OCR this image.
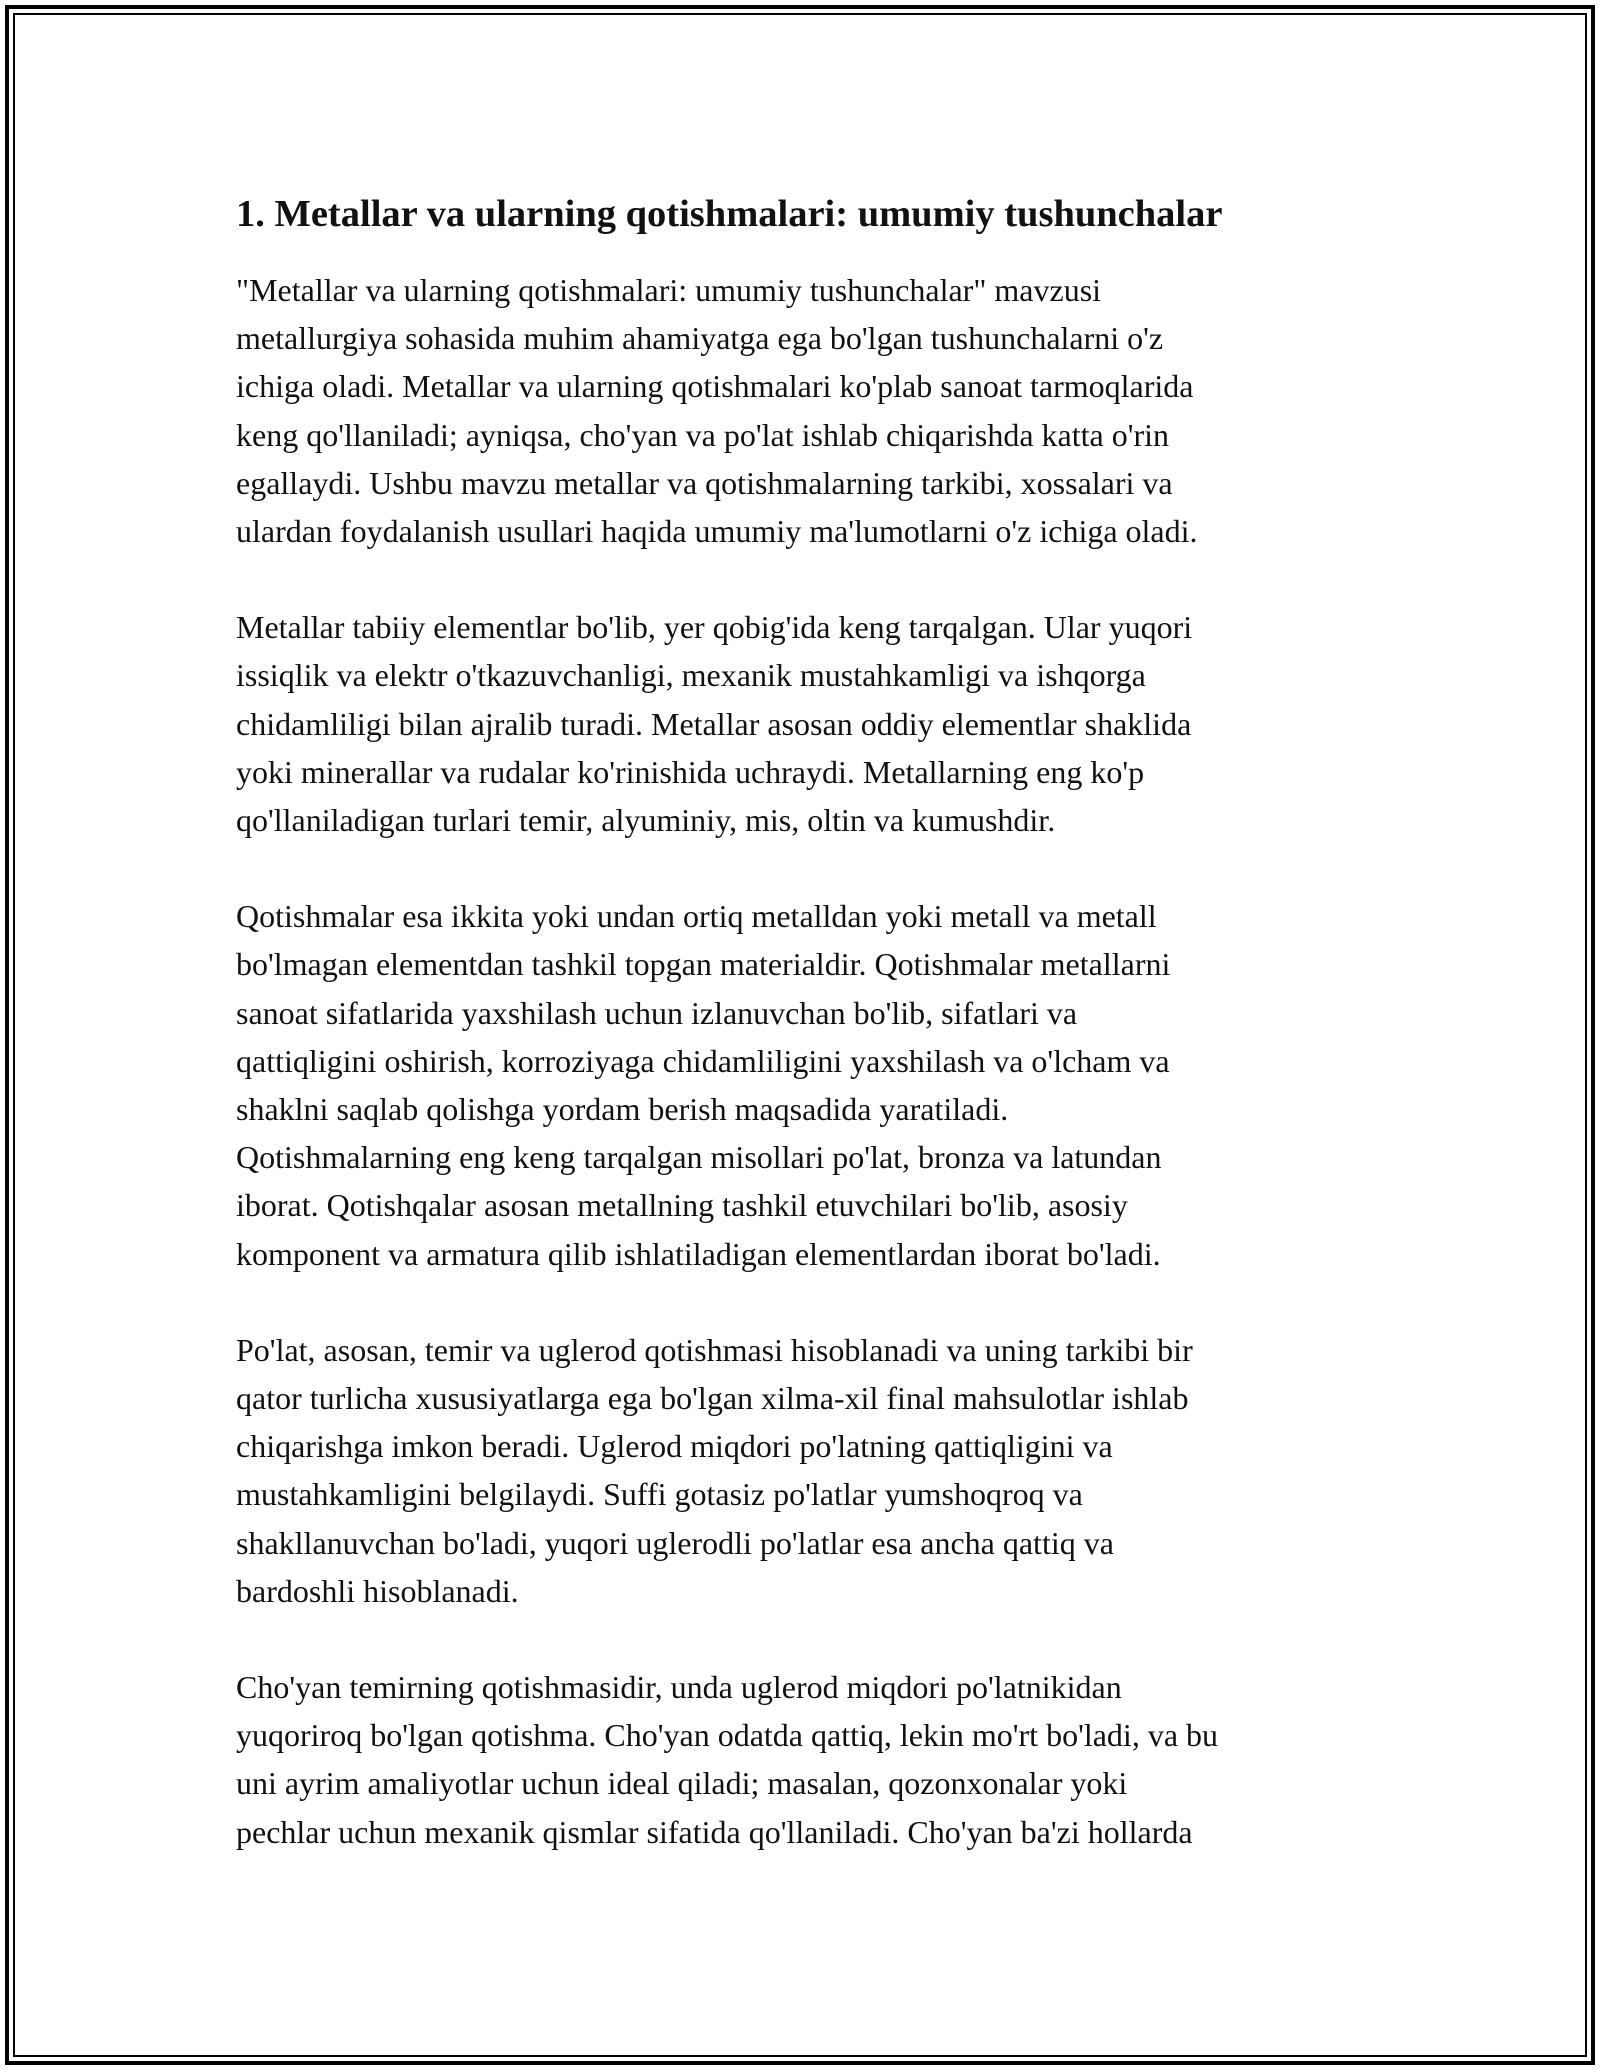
1. Metallar va ularning qotishmalari: umumiy tushunchalar
"Metallar va ularning qotishmalari: umumiy tushunchalar" mavzusi
metallurgiya sohasida muhim ahamiyatga ega bo'lgan tushunchalarni o'z
ichiga oladi. Metallar va ularning qotishmalari ko'plab sanoat tarmoqlarida
keng qo'llaniladi; ayniqsa, cho'yan va po'lat ishlab chiqarishda katta o'rin
egallaydi. Ushbu mavzu metallar va qotishmalarning tarkibi, xossalari va
ulardan foydalanish usullari haqida umumiy ma'lumotlarni o'z ichiga oladi.
Metallar tabiiy elementlar bo'lib, yer qobig'ida keng tarqalgan. Ular yuqori
issiqlik va elektr o'tkazuvchanligi, mexanik mustahkamligi va ishqorga
chidamliligi bilan ajralib turadi. Metallar asosan oddiy elementlar shaklida
yoki minerallar va rudalar ko'rinishida uchraydi. Metallarning eng ko'p
qo'llaniladigan turlari temir, alyuminiy, mis, oltin va kumushdir.
Qotishmalar esa ikkita yoki undan ortiq metalldan yoki metall va metall
bo'lmagan elementdan tashkil topgan materialdir. Qotishmalar metallarni
sanoat sifatlarida yaxshilash uchun izlanuvchan bo'lib, sifatlari va
qattiqligini oshirish, korroziyaga chidamliligini yaxshilash va o'lcham va
shaklni saqlab qolishga yordam berish maqsadida yaratiladi.
Qotishmalarning eng keng tarqalgan misollari po'lat, bronza va latundan
iborat. Qotishqalar asosan metallning tashkil etuvchilari bo'lib, asosiy
komponent va armatura qilib ishlatiladigan elementlardan iborat bo'ladi.
Po'lat, asosan, temir va uglerod qotishmasi hisoblanadi va uning tarkibi bir
qator turlicha xususiyatlarga ega bo'lgan xilma-xil final mahsulotlar ishlab
chiqarishga imkon beradi. Uglerod miqdori po'latning qattiqligini va
mustahkamligini belgilaydi. Suffi gotasiz po'latlar yumshoqroq va
shakllanuvchan bo'ladi, yuqori uglerodli po'latlar esa ancha qattiq va
bardoshli hisoblanadi.
Cho'yan temirning qotishmasidir, unda uglerod miqdori po'latnikidan
yuqoriroq bo'lgan qotishma. Cho'yan odatda qattiq, lekin mo'rt bo'ladi, va bu
uni ayrim amaliyotlar uchun ideal qiladi; masalan, qozonxonalar yoki
pechlar uchun mexanik qismlar sifatida qo'llaniladi. Cho'yan ba'zi hollarda
